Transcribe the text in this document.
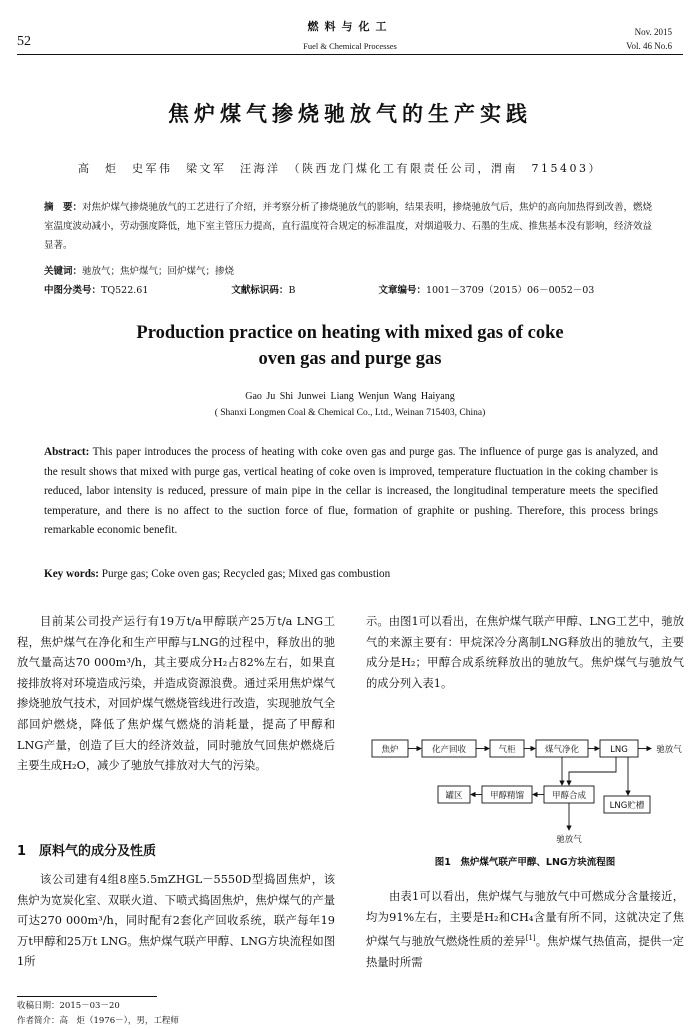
52
燃料与化工
Fuel & Chemical Processes
Nov. 2015
Vol. 46 No.6
焦炉煤气掺烧驰放气的生产实践
高　炬　史军伟　梁文军　汪海洋　（陕西龙门煤化工有限责任公司，渭南　715403）
摘　要：对焦炉煤气掺烧驰放气的工艺进行了介绍，并考察分析了掺烧驰放气的影响，结果表明，掺烧驰放气后，焦炉的高向加热得到改善，燃烧室温度波动减小，劳动强度降低，地下室主管压力提高，直行温度符合规定的标准温度，对烟道吸力、石墨的生成、推焦基本没有影响，经济效益显著。
关键词：驰放气；焦炉煤气；回炉煤气；掺烧
中图分类号：TQ522.61	文献标识码：B	文章编号：1001－3709（2015）06－0052－03
Production practice on heating with mixed gas of coke
oven gas and purge gas
Gao Ju Shi Junwei Liang Wenjun Wang Haiyang
( Shanxi Longmen Coal & Chemical Co., Ltd., Weinan 715403, China)
Abstract: This paper introduces the process of heating with coke oven gas and purge gas. The influence of purge gas is analyzed, and the result shows that mixed with purge gas, vertical heating of coke oven is improved, temperature fluctuation in the coking chamber is reduced, labor intensity is reduced, pressure of main pipe in the cellar is increased, the longitudinal temperature meets the specified temperature, and there is no affect to the suction force of flue, formation of graphite or pushing. Therefore, this process brings remarkable economic benefit.
Key words: Purge gas; Coke oven gas; Recycled gas; Mixed gas combustion
目前某公司投产运行有19万t/a甲醇联产25万t/a LNG工程，焦炉煤气在净化和生产甲醇与LNG的过程中，释放出的驰放气量高达70 000m³/h，其主要成分H₂占82%左右，如果直接排放将对环境造成污染，并造成资源浪费。通过采用焦炉煤气掺烧驰放气技术，对回炉煤气燃烧管线进行改造，实现驰放气全部回炉燃烧，降低了焦炉煤气燃烧的消耗量，提高了甲醇和LNG产量，创造了巨大的经济效益，同时驰放气回焦炉燃烧后主要生成H₂O，减少了驰放气排放对大气的污染。
1　原料气的成分及性质
该公司建有4组8座5.5mZHGL－5550D型捣固焦炉，该焦炉为宽炭化室、双联火道、下喷式捣固焦炉，焦炉煤气的产量可达270 000m³/h，同时配有2套化产回收系统，联产每年19万t甲醇和25万t LNG。焦炉煤气联产甲醇、LNG方块流程如图1所
示。由图1可以看出，在焦炉煤气联产甲醇、LNG工艺中，驰放气的来源主要有：甲烷深冷分离制LNG释放出的驰放气，主要成分是H₂；甲醇合成系统释放出的驰放气。焦炉煤气与驰放气的成分列入表1。
焦炉	化产回收	气柜	煤气净化	LNG	驰放气
罐区	甲醇精馏	甲醇合成
LNG贮槽
驰放气
图1　焦炉煤气联产甲醇、LNG方块流程图
由表1可以看出，焦炉煤气与驰放气中可燃成分含量接近，均为91%左右，主要是H₂和CH₄含量有所不同，这就决定了焦炉煤气与驰放气燃烧性质的差异[1]。焦炉煤气热值高，提供一定热量时所需
收稿日期：2015－03－20
作者简介：高　炬（1976－），男，工程师
